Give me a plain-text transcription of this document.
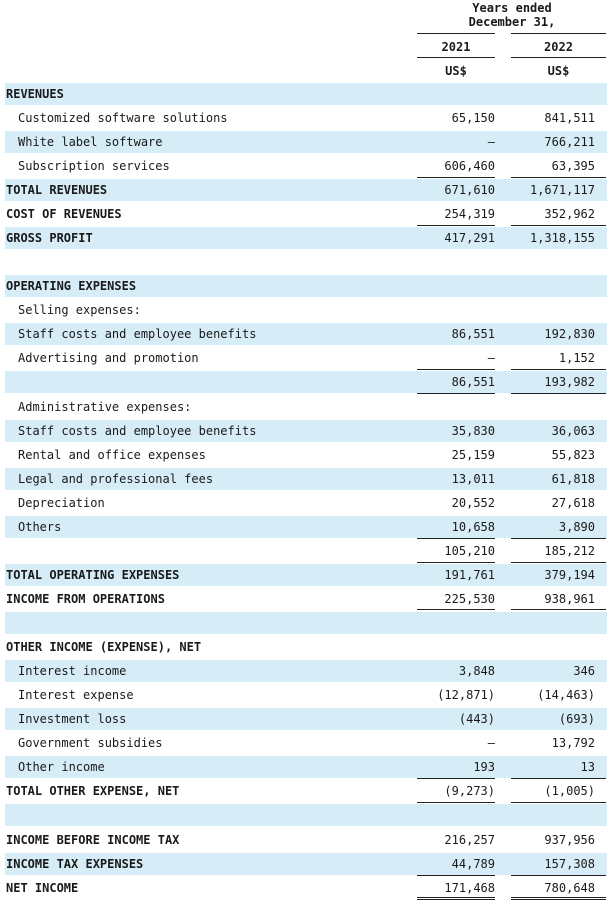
Years ended
December 31,
2021	2022
US$	US$
REVENUES
Customized software solutions	65,150	841,511
White label software	–	766,211
Subscription services	606,460	63,395
TOTAL REVENUES	671,610	1,671,117
COST OF REVENUES	254,319	352,962
GROSS PROFIT	417,291	1,318,155
OPERATING EXPENSES
Selling expenses:
Staff costs and employee benefits	86,551	192,830
Advertising and promotion	–	1,152
86,551	193,982
Administrative expenses:
Staff costs and employee benefits	35,830	36,063
Rental and office expenses	25,159	55,823
Legal and professional fees	13,011	61,818
Depreciation	20,552	27,618
Others	10,658	3,890
105,210	185,212
TOTAL OPERATING EXPENSES	191,761	379,194
INCOME FROM OPERATIONS	225,530	938,961
OTHER INCOME (EXPENSE), NET
Interest income	3,848	346
Interest expense	(12,871)	(14,463)
Investment loss	(443)	(693)
Government subsidies	–	13,792
Other income	193	13
TOTAL OTHER EXPENSE, NET	(9,273)	(1,005)
INCOME BEFORE INCOME TAX	216,257	937,956
INCOME TAX EXPENSES	44,789	157,308
NET INCOME	171,468	780,648
